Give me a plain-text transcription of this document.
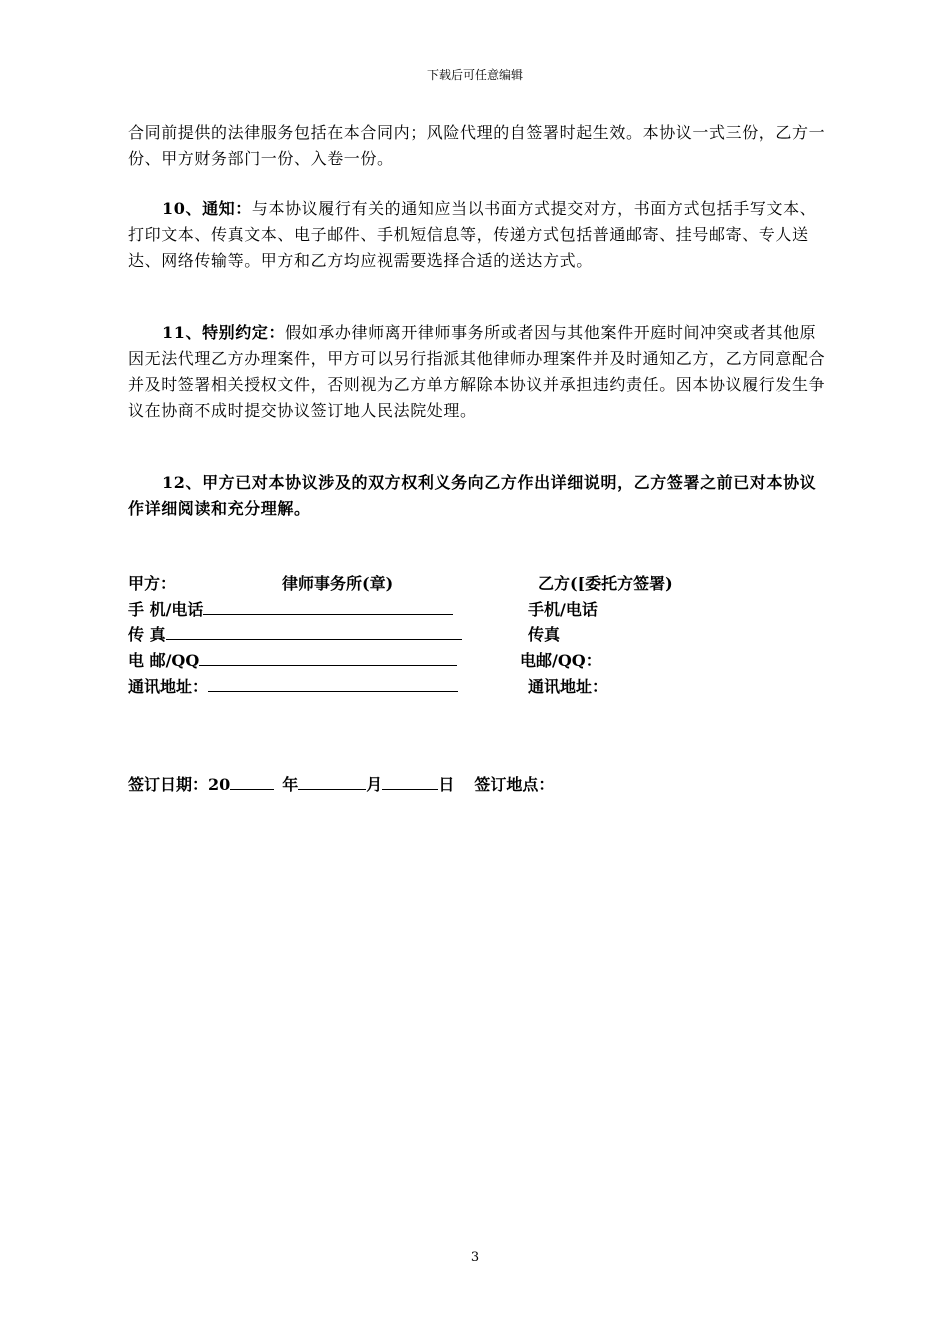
下载后可任意编辑
合同前提供的法律服务包括在本合同内；风险代理的自签署时起生效。本协议一式三份，乙方一份、甲方财务部门一份、入卷一份。
10、通知：与本协议履行有关的通知应当以书面方式提交对方，书面方式包括手写文本、打印文本、传真文本、电子邮件、手机短信息等，传递方式包括普通邮寄、挂号邮寄、专人送达、网络传输等。甲方和乙方均应视需要选择合适的送达方式。
11、特别约定：假如承办律师离开律师事务所或者因与其他案件开庭时间冲突或者其他原因无法代理乙方办理案件，甲方可以另行指派其他律师办理案件并及时通知乙方，乙方同意配合并及时签署相关授权文件，否则视为乙方单方解除本协议并承担违约责任。因本协议履行发生争议在协商不成时提交协议签订地人民法院处理。
12、甲方已对本协议涉及的双方权利义务向乙方作出详细说明，乙方签署之前已对本协议作详细阅读和充分理解。
甲方：	律师事务所(章)	乙方([委托方签署)
手 机/电话	手机/电话
传 真	传真
电 邮/QQ	电邮/QQ：
通讯地址：	通讯地址：
签订日期：20	年	月	日 签订地点：
3
